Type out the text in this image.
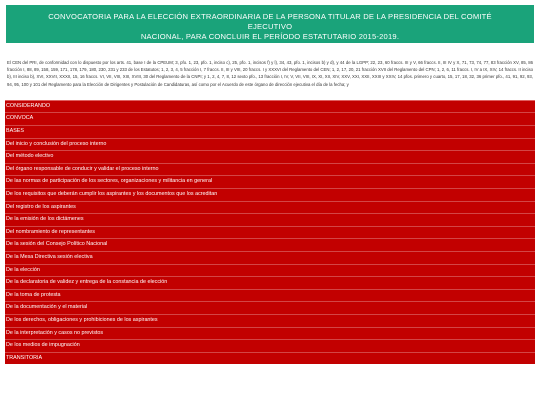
CONVOCATORIA PARA LA ELECCIÓN EXTRAORDINARIA DE LA PERSONA TITULAR DE LA PRESIDENCIA DEL COMITÉ EJECUTIVO
NACIONAL, PARA CONCLUIR EL PERÍODO ESTATUTARIO 2015-2019.
El CEN del PRI, de conformidad con lo dispuesto por los arts. 41, base I de la CPEUM; 3, pfo. 1, 23, pfo. 1, inciso c), 25, pfo. 1, incisos f) y l), 34, 43, pfo. 1, incisos b) y d), y 44 de la LGPP; 22, 23, 60 fraccs. III y V, 66 fraccs. II, III IV y X, 71, 73, 74, 77, 83 fracción XV, 85, 86 fracción I, 88, 89, 158, 159, 171, 178, 179, 180, 230, 231 y 233 de los Estatutos; 1, 2, 3, 4, 5 fracción I, 7 fraccs. II, III y VIII, 20 fraccs. I y XXXVI del Reglamento del CEN; 1, 2, 17, 20, 21 fracción XVII del Reglamento del CPN; 1, 2, 6, 11 fraccs. I, IV a IX, XIV, 14 fraccs. II inciso b), III inciso b), XVI, XXVII, XXXII, 15, 16 fraccs. VI, VII, VIII, XIII, XVIII, 30 del Reglamento de la CNPI; y 1, 2, 4, 7, 8, 12 sexto pfo., 13 fracción I, IV, V, VII, VIII, IX, XI, XII, XIV, XXV, XXI, XXII, XXIII y XXIV, 14 pfos. primero y cuarto, 15, 17, 18, 32, 36 primer pfo., 41, 91, 92, 93, 94, 95, 100 y 101 del Reglamento para la Elección de Dirigentes y Postulación de Candidaturas, así como por el Acuerdo de este órgano de dirección ejecutiva el día de la fecha; y
CONSIDERANDO
CONVOCA
BASES
Del inicio y conclusión del proceso interno
Del método electivo
Del órgano responsable de conducir y validar el proceso interno
De las normas de participación de los sectores, organizaciones y militancia en general
De los requisitos que deberán cumplir los aspirantes y los documentos que los acreditan
Del registro de los aspirantes
De la emisión de los dictámenes
Del nombramiento de representantes
De la sesión del Consejo Político Nacional
De la Mesa Directiva sesión electiva
De la elección
De la declaratoria de validez y entrega de la constancia de elección
De la toma de protesta
De la documentación y el material
De los derechos, obligaciones y prohibiciones de los aspirantes
De la interpretación y casos no previstos
De los medios de impugnación
TRANSITORIA
